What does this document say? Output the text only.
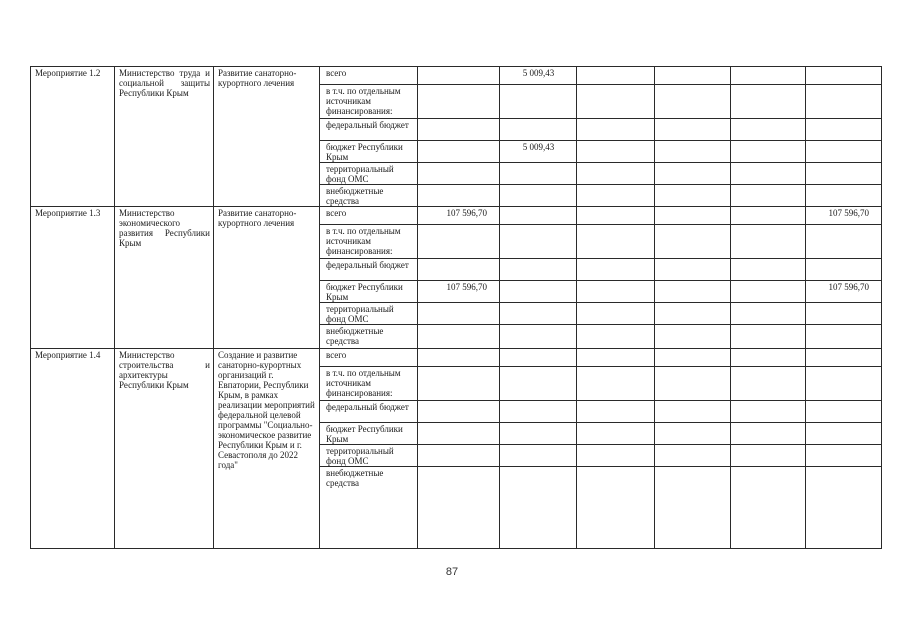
Мероприятие 1.2	Министерство труда и социальной защиты Республики Крым	Развитие санаторно-курортного лечения	всего		5 009,43				
			в т.ч. по отдельным источникам финансирования:						
			федеральный бюджет						
			бюджет Республики Крым		5 009,43				
			территориальный фонд ОМС						
			внебюджетные средства						
Мероприятие 1.3	Министерство экономического развития Республики Крым	Развитие санаторно-курортного лечения	всего	107 596,70					107 596,70
			в т.ч. по отдельным источникам финансирования:						
			федеральный бюджет						
			бюджет Республики Крым	107 596,70					107 596,70
			территориальный фонд ОМС						
			внебюджетные средства						
Мероприятие 1.4	Министерство строительства и архитектуры Республики Крым	Создание и развитие санаторно-курортных организаций г. Евпатории, Республики Крым, в рамках реализации мероприятий федеральной целевой программы "Социально-экономическое развитие Республики Крым и г. Севастополя до 2022 года"	всего						
			в т.ч. по отдельным источникам финансирования:						
			федеральный бюджет						
			бюджет Республики Крым						
			территориальный фонд ОМС						
			внебюджетные средства						
87
